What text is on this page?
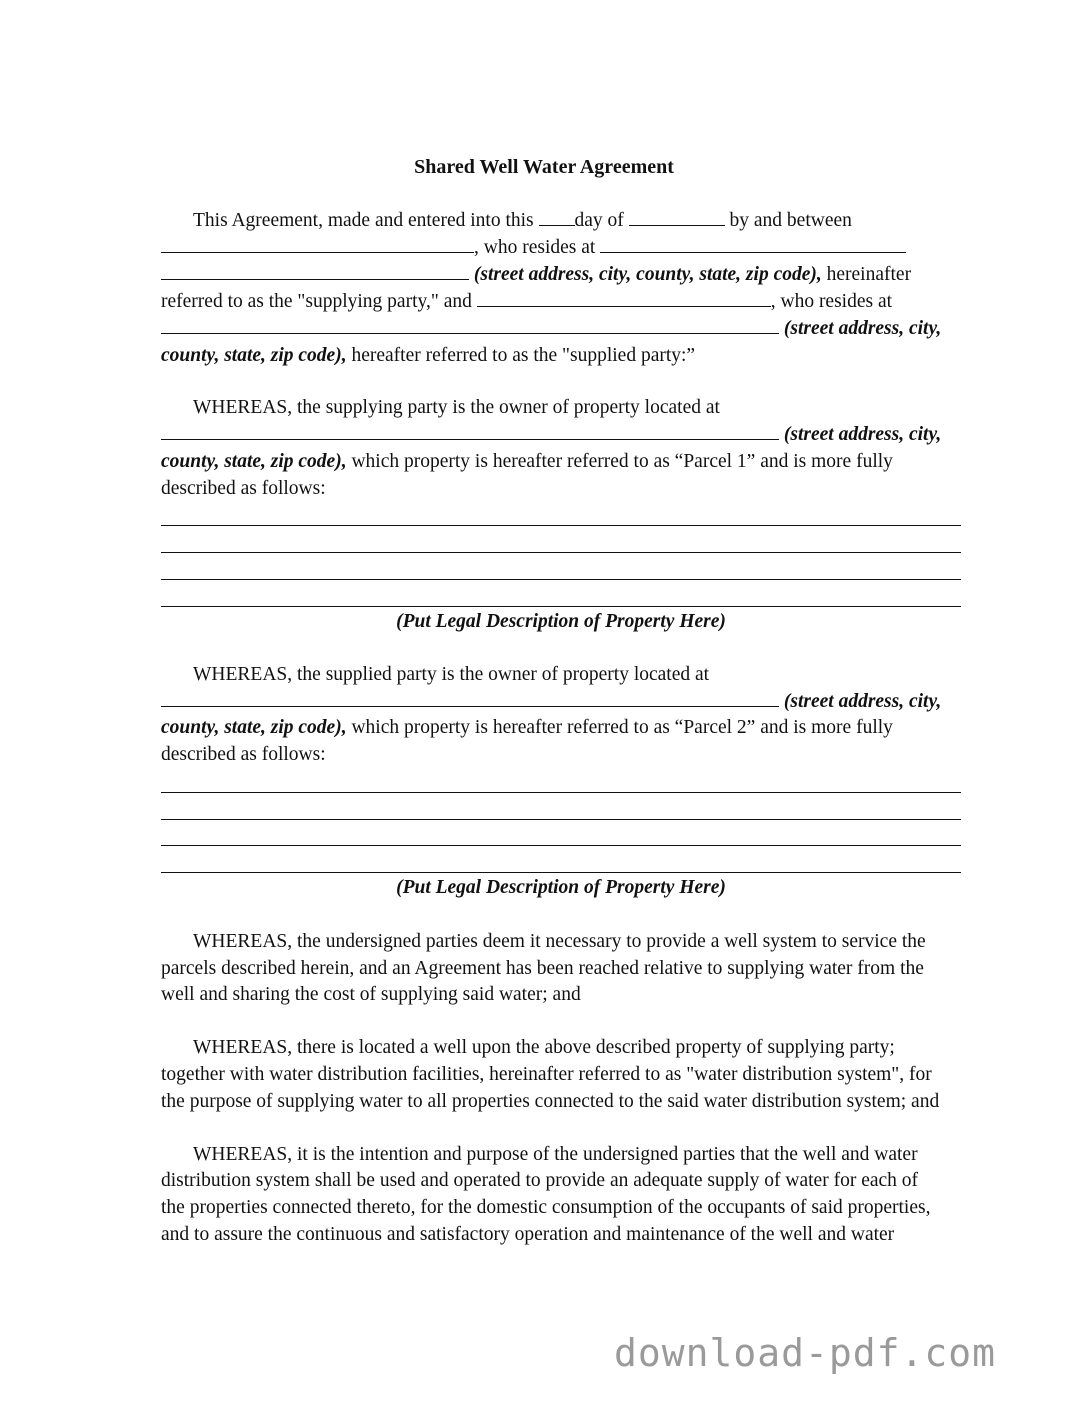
Shared Well Water Agreement
This Agreement, made and entered into this day of	by and between
, who resides at
(street address, city, county, state, zip code), hereinafter
referred to as the "supplying party," and	, who resides at
(street address, city,
county, state, zip code), hereafter referred to as the "supplied party:”
WHEREAS, the supplying party is the owner of property located at
(street address, city,
county, state, zip code), which property is hereafter referred to as “Parcel 1” and is more fully
described as follows:
(Put Legal Description of Property Here)
WHEREAS, the supplied party is the owner of property located at
(street address, city,
county, state, zip code), which property is hereafter referred to as “Parcel 2” and is more fully
described as follows:
(Put Legal Description of Property Here)
WHEREAS, the undersigned parties deem it necessary to provide a well system to service the
parcels described herein, and an Agreement has been reached relative to supplying water from the
well and sharing the cost of supplying said water; and
WHEREAS, there is located a well upon the above described property of supplying party;
together with water distribution facilities, hereinafter referred to as "water distribution system", for
the purpose of supplying water to all properties connected to the said water distribution system; and
WHEREAS, it is the intention and purpose of the undersigned parties that the well and water
distribution system shall be used and operated to provide an adequate supply of water for each of
the properties connected thereto, for the domestic consumption of the occupants of said properties,
and to assure the continuous and satisfactory operation and maintenance of the well and water
download-pdf.com
